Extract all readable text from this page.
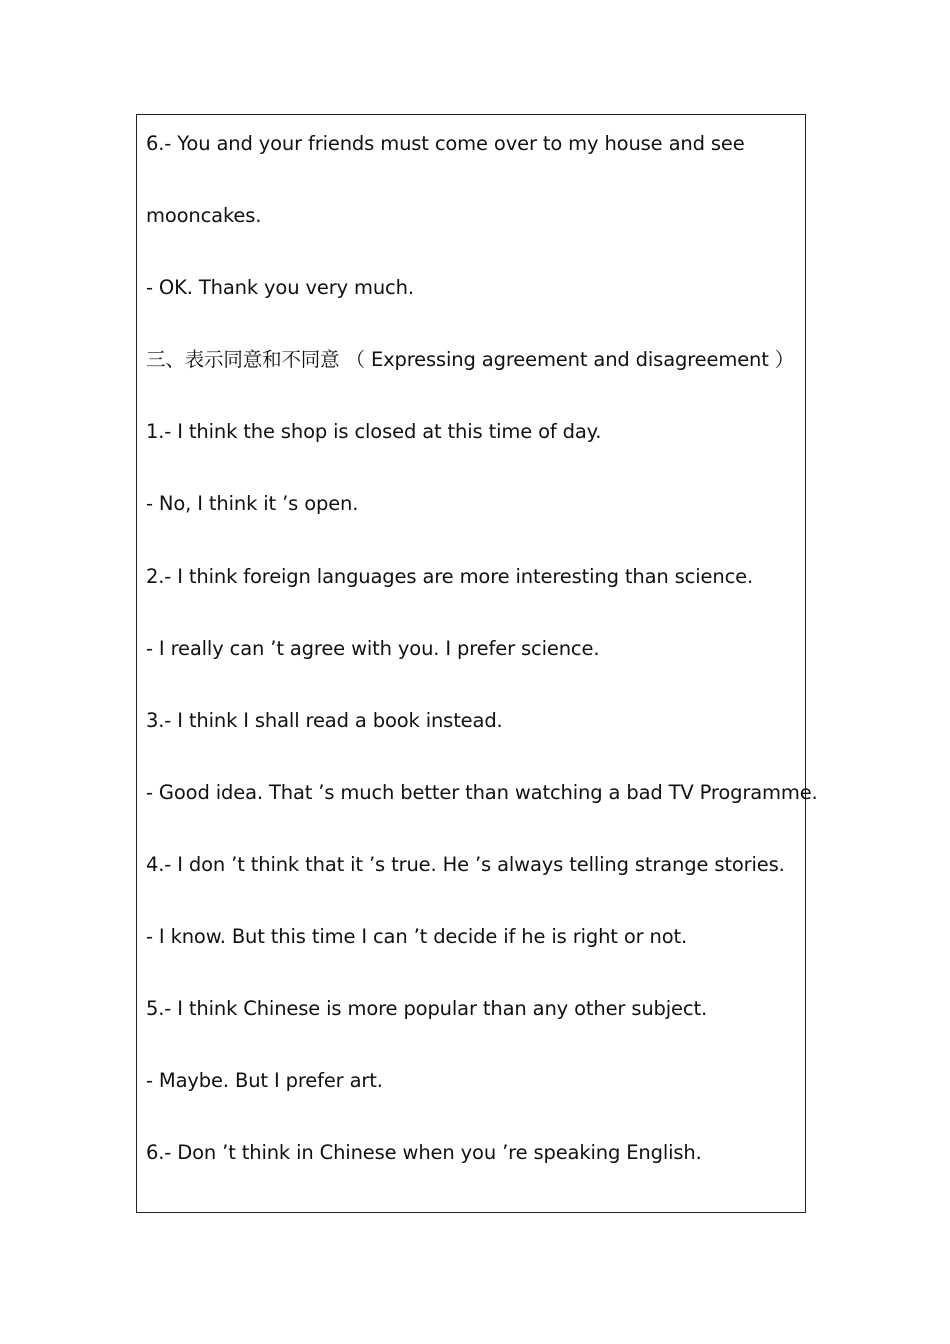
6.- You and your friends must come over to my house and see
mooncakes.
- OK. Thank you very much.
三、表示同意和不同意 （ Expressing agreement and disagreement ）
1.- I think the shop is closed at this time of day.
- No, I think it ’s open.
2.- I think foreign languages are more interesting than science.
- I really can ’t agree with you. I prefer science.
3.- I think I shall read a book instead.
- Good idea. That ’s much better than watching a bad TV Programme.
4.- I don ’t think that it ’s true. He ’s always telling strange stories.
- I know. But this time I can ’t decide if he is right or not.
5.- I think Chinese is more popular than any other subject.
- Maybe. But I prefer art.
6.- Don ’t think in Chinese when you ’re speaking English.
